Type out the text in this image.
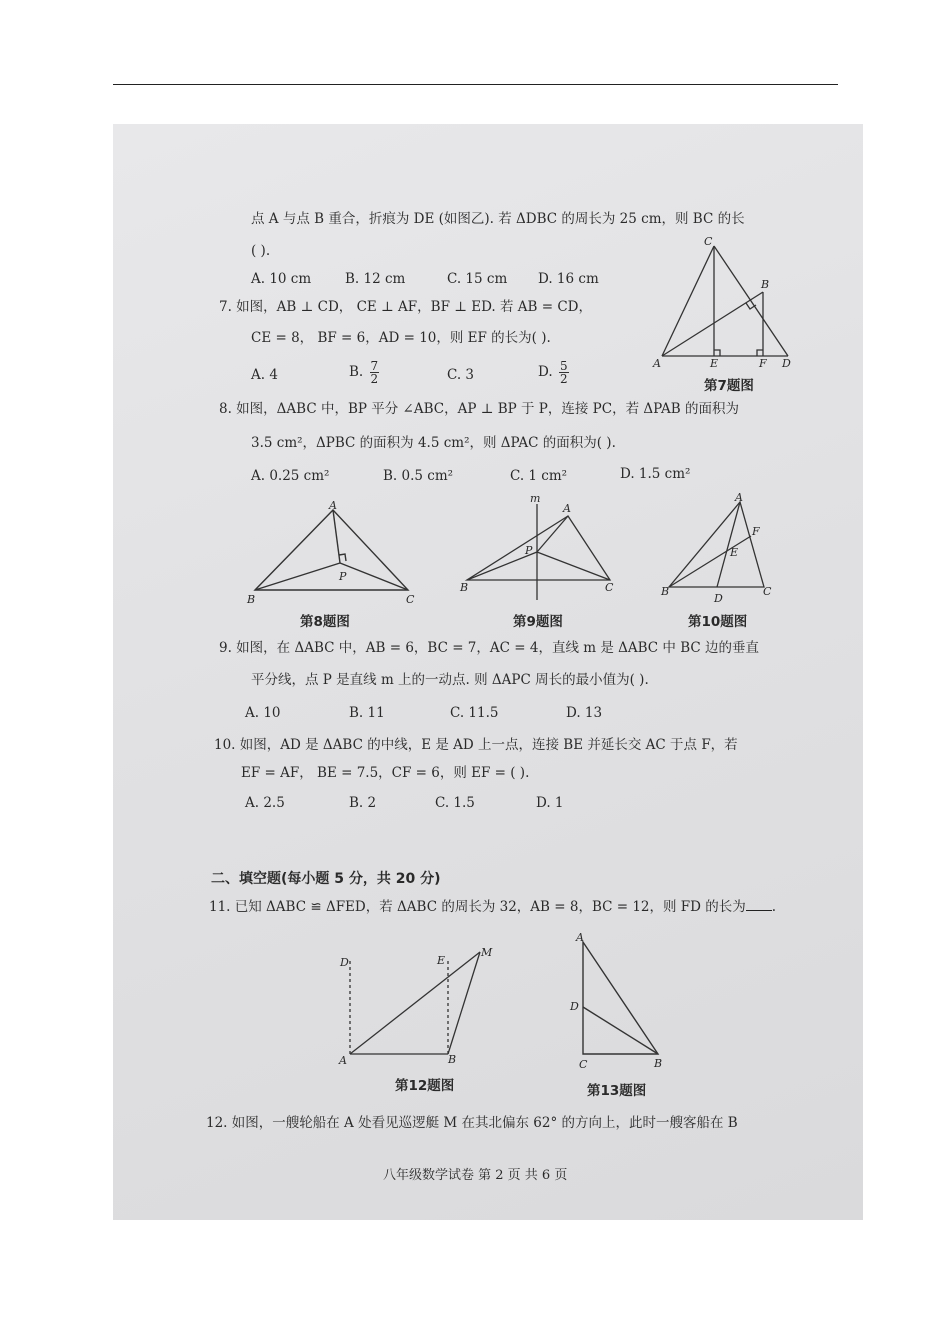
点 A 与点 B 重合，折痕为 DE (如图乙). 若 ΔDBC 的周长为 25 cm，则 BC 的长
( ).
A. 10 cm	B. 12 cm	C. 15 cm D. 16 cm
7. 如图，AB ⊥ CD， CE ⊥ AF，BF ⊥ ED. 若 AB = CD，
CE = 8， BF = 6，AD = 10，则 EF 的长为( ).
A. 4	B. $\frac{7}{2}$	C. 3	D. $\frac{5}{2}$
C
B
A	E	F D
第7题图
8. 如图，ΔABC 中，BP 平分 ∠ABC，AP ⊥ BP 于 P，连接 PC，若 ΔPAB 的面积为
3.5 cm²，ΔPBC 的面积为 4.5 cm²，则 ΔPAC 的面积为( ).
A. 0.25 cm²	B. 0.5 cm²	C. 1 cm²	D. 1.5 cm²
A
P
B	C
第8题图
m
A
P
B	C
第9题图
A
F
E
B
D
C
第10题图
9. 如图，在 ΔABC 中，AB = 6，BC = 7，AC = 4，直线 m 是 ΔABC 中 BC 边的垂直
平分线，点 P 是直线 m 上的一动点. 则 ΔAPC 周长的最小值为( ).
A. 10	B. 11	C. 11.5	D. 13
10. 如图，AD 是 ΔABC 的中线，E 是 AD 上一点，连接 BE 并延长交 AC 于点 F，若
EF = AF， BE = 7.5，CF = 6，则 EF = ( ).
A. 2.5	B. 2	C. 1.5	D. 1
二、填空题(每小题 5 分，共 20 分)
11. 已知 ΔABC ≌ ΔFED，若 ΔABC 的周长为 32，AB = 8，BC = 12，则 FD 的长为 .
D	E
M
A	B
第12题图
A
D
C	B
第13题图
12. 如图，一艘轮船在 A 处看见巡逻艇 M 在其北偏东 62° 的方向上，此时一艘客船在 B
八年级数学试卷 第 2 页 共 6 页
